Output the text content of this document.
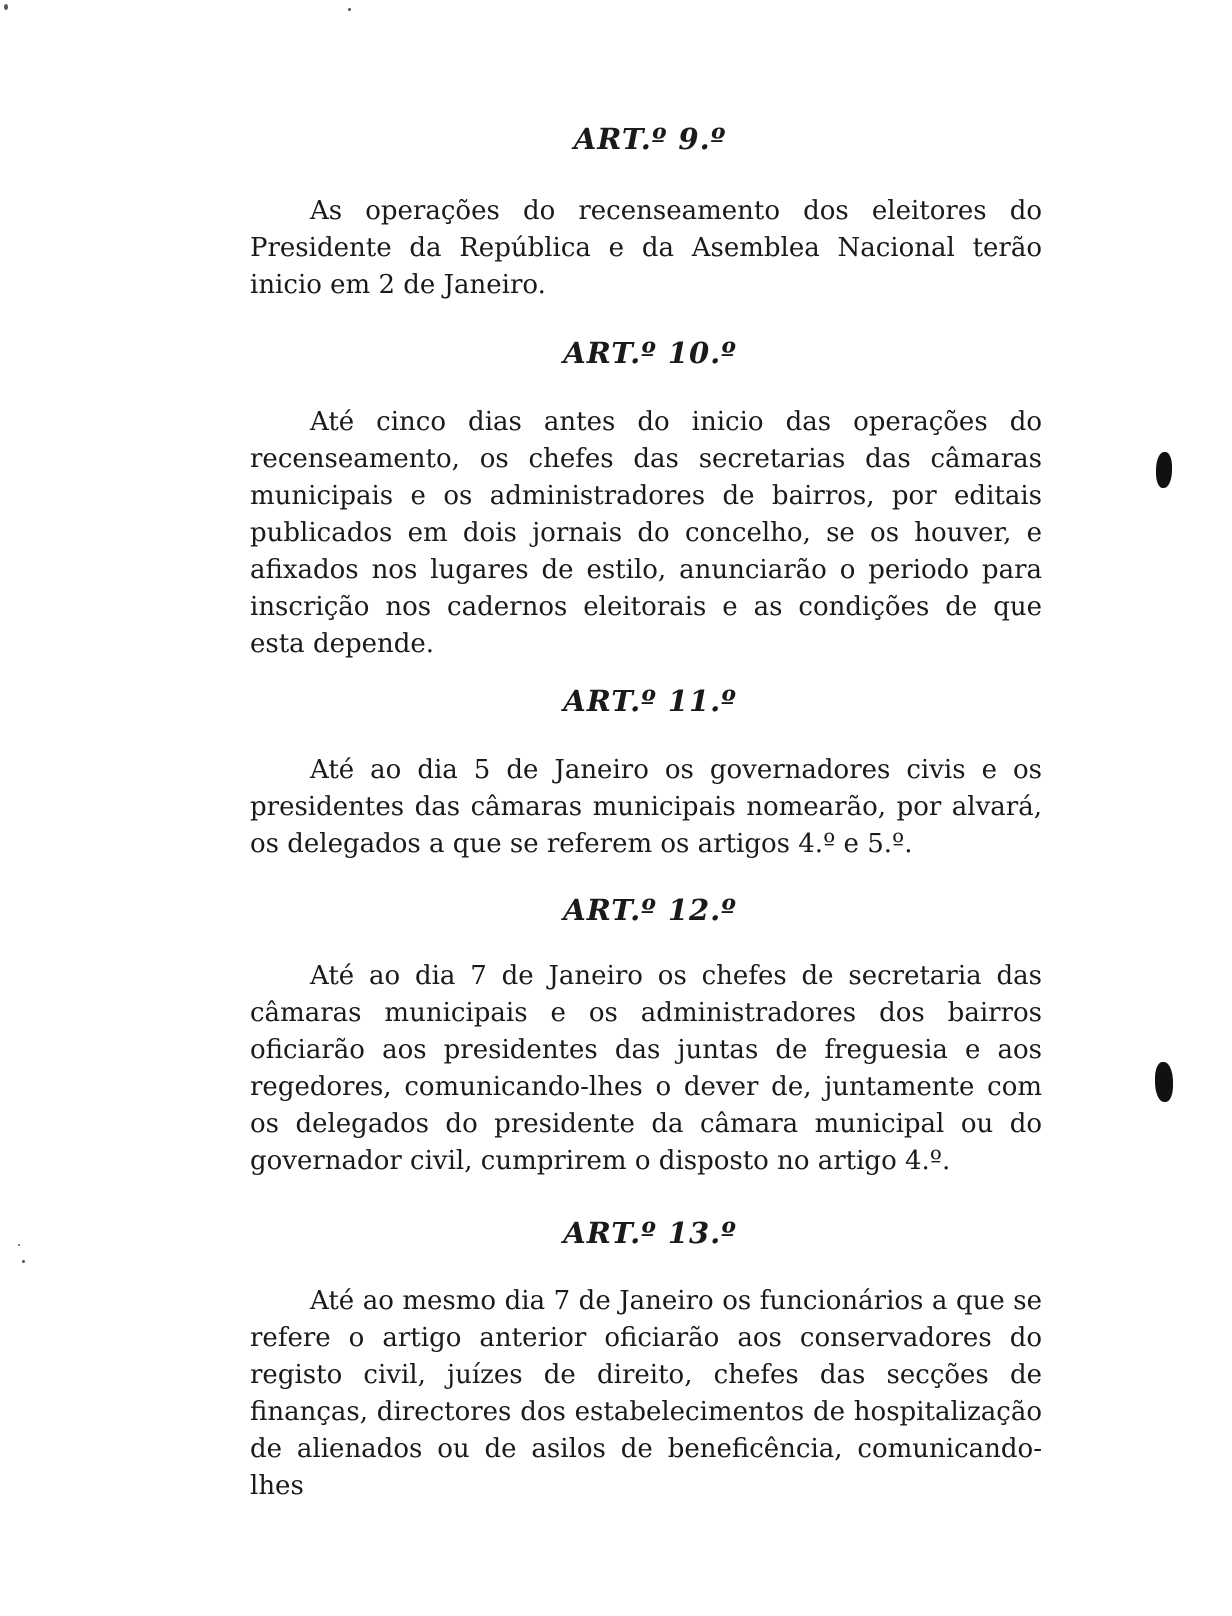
ART.º 9.º

As operações do recenseamento dos eleitores do Presidente da República e da Asemblea Nacional terão inicio em 2 de Janeiro.

ART.º 10.º

Até cinco dias antes do inicio das operações do recenseamento, os chefes das secretarias das câmaras municipais e os administradores de bairros, por editais publicados em dois jornais do concelho, se os houver, e afixados nos lugares de estilo, anunciarão o periodo para inscrição nos cadernos eleitorais e as condições de que esta depende.

ART.º 11.º

Até ao dia 5 de Janeiro os governadores civis e os presidentes das câmaras municipais nomearão, por alvará, os delegados a que se referem os artigos 4.º e 5.º.

ART.º 12.º

Até ao dia 7 de Janeiro os chefes de secretaria das câmaras municipais e os administradores dos bairros oficiarão aos presidentes das juntas de freguesia e aos regedores, comunicando-lhes o dever de, juntamente com os delegados do presidente da câmara municipal ou do governador civil, cumprirem o disposto no artigo 4.º.

ART.º 13.º

Até ao mesmo dia 7 de Janeiro os funcionários a que se refere o artigo anterior oficiarão aos conservadores do registo civil, juízes de direito, chefes das secções de finanças, directores dos estabelecimentos de hospitalização de alienados ou de asilos de beneficência, comunicando-lhes
